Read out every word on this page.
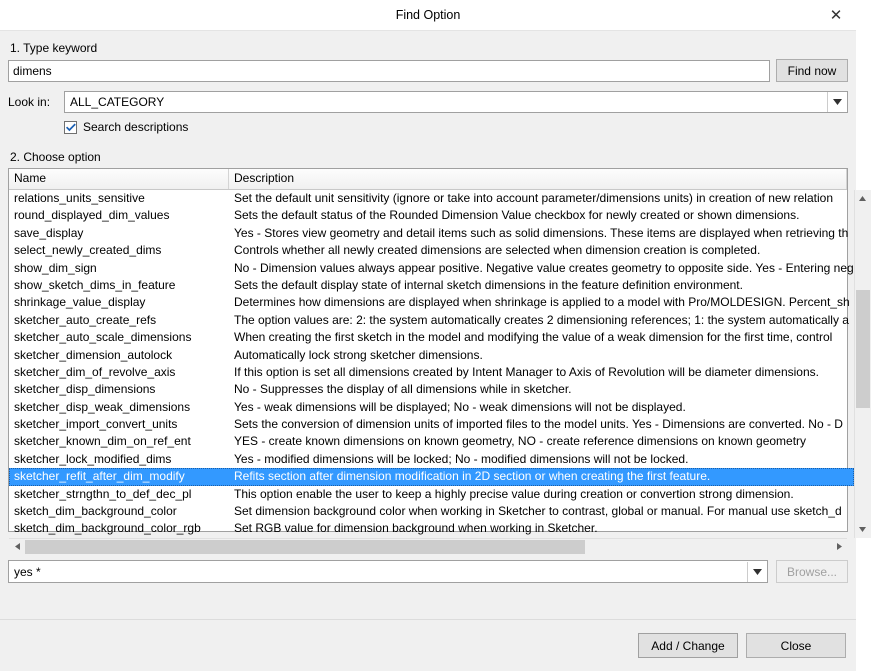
Find Option	✕
1. Type keyword
dimens
Find now
Look in:	ALL_CATEGORY
Search descriptions
2. Choose option
Name	Description
relations_units_sensitive	Set the default unit sensitivity (ignore or take into account parameter/dimensions units) in creation of new relation
round_displayed_dim_values	Sets the default status of the Rounded Dimension Value checkbox for newly created or shown dimensions.
save_display	Yes - Stores view geometry and detail items such as solid dimensions. These items are displayed when retrieving th
select_newly_created_dims	Controls whether all newly created dimensions are selected when dimension creation is completed.
show_dim_sign	No - Dimension values always appear positive. Negative value creates geometry to opposite side. Yes - Entering neg
show_sketch_dims_in_feature	Sets the default display state of internal sketch dimensions in the feature definition environment.
shrinkage_value_display	Determines how dimensions are displayed when shrinkage is applied to a model with Pro/MOLDESIGN. Percent_sh
sketcher_auto_create_refs	The option values are: 2: the system automatically creates 2 dimensioning references; 1: the system automatically a
sketcher_auto_scale_dimensions	When creating the first sketch in the model and modifying the value of a weak dimension for the first time, control
sketcher_dimension_autolock	Automatically lock strong sketcher dimensions.
sketcher_dim_of_revolve_axis	If this option is set all dimensions created by Intent Manager to Axis of Revolution will be diameter dimensions.
sketcher_disp_dimensions	No - Suppresses the display of all dimensions while in sketcher.
sketcher_disp_weak_dimensions	Yes - weak dimensions will be displayed; No - weak dimensions will not be displayed.
sketcher_import_convert_units	Sets the conversion of dimension units of imported files to the model units. Yes - Dimensions are converted. No - D
sketcher_known_dim_on_ref_ent	YES - create known dimensions on known geometry, NO - create reference dimensions on known geometry
sketcher_lock_modified_dims	Yes - modified dimensions will be locked; No - modified dimensions will not be locked.
sketcher_refit_after_dim_modify	Refits section after dimension modification in 2D section or when creating the first feature.
sketcher_strngthn_to_def_dec_pl	This option enable the user to keep a highly precise value during creation or convertion strong dimension.
sketch_dim_background_color	Set dimension background color when working in Sketcher to contrast, global or manual. For manual use sketch_d
sketch_dim_background_color_rgb	Set RGB value for dimension background when working in Sketcher.
yes *	Browse...
Add / Change	Close
